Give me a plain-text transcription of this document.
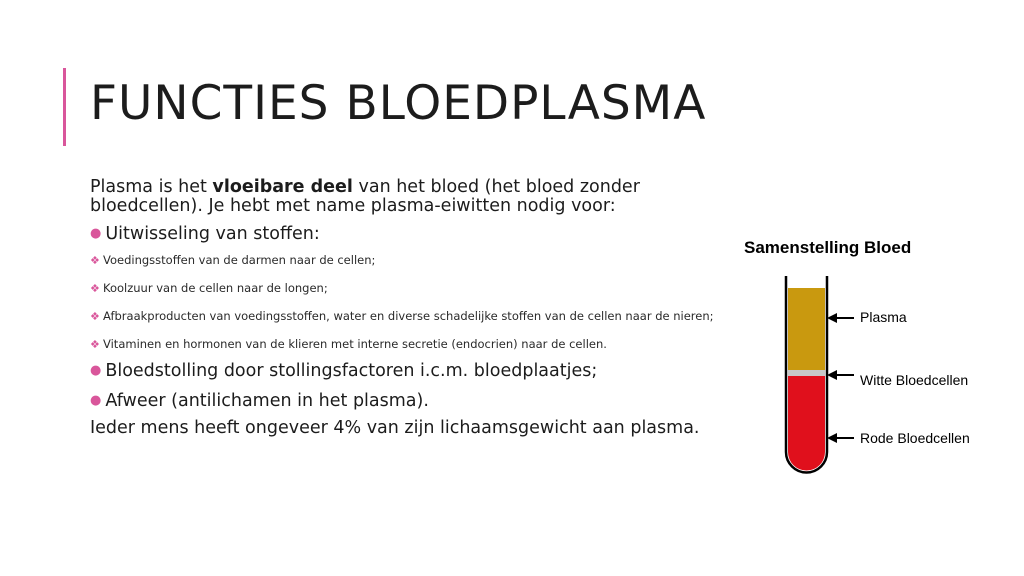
FUNCTIES BLOEDPLASMA

Plasma is het vloeibare deel van het bloed (het bloed zonder bloedcellen). Je hebt met name plasma-eiwitten nodig voor:

● Uitwisseling van stoffen:
❖ Voedingsstoffen van de darmen naar de cellen;
❖ Koolzuur van de cellen naar de longen;
❖ Afbraakproducten van voedingsstoffen, water en diverse schadelijke stoffen van de cellen naar de nieren;
❖ Vitaminen en hormonen van de klieren met interne secretie (endocrien) naar de cellen.
● Bloedstolling door stollingsfactoren i.c.m. bloedplaatjes;
● Afweer (antilichamen in het plasma).

Ieder mens heeft ongeveer 4% van zijn lichaamsgewicht aan plasma.

Samenstelling Bloed
Plasma
Witte Bloedcellen
Rode Bloedcellen
